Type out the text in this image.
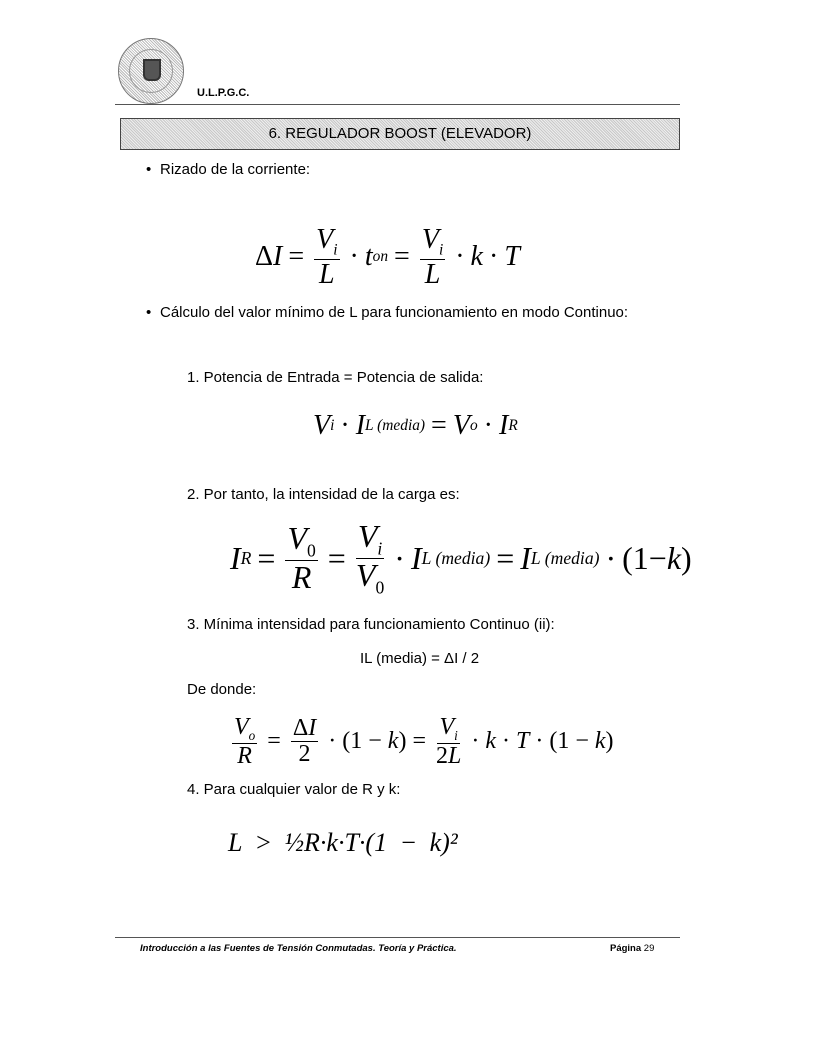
U.L.P.G.C.
6. REGULADOR BOOST (ELEVADOR)
• Rizado de la corriente:
Δ $I = \frac{V_i}{L} \cdot t$ on = $\frac{V_i}{L} \cdot k \cdot T$
• Cálculo del valor mínimo de L para funcionamiento en modo Continuo:
1. Potencia de Entrada = Potencia de salida:
V i · I L (media) = V o · I R
2. Por tanto, la intensidad de la carga es:
I $R = \frac{V_0}{R} = \frac{V_i}{V_0} \cdot I$ L (media) = I L (media) · (1− k )
3. Mínima intensidad para funcionamiento Continuo (ii):
IL (media) = ΔI / 2
De donde:
$\frac{V_o}{R} = \frac{\Delta I}{2} \cdot (1 - k$ ) = $\frac{V_i}{2L} \cdot k \cdot T \cdot (1 - k$ )
4. Para cualquier valor de R y k:
L > ½R·k·T·(1 − k)²
Introducción a las Fuentes de Tensión Conmutadas. Teoría y Práctica.	Página 29
